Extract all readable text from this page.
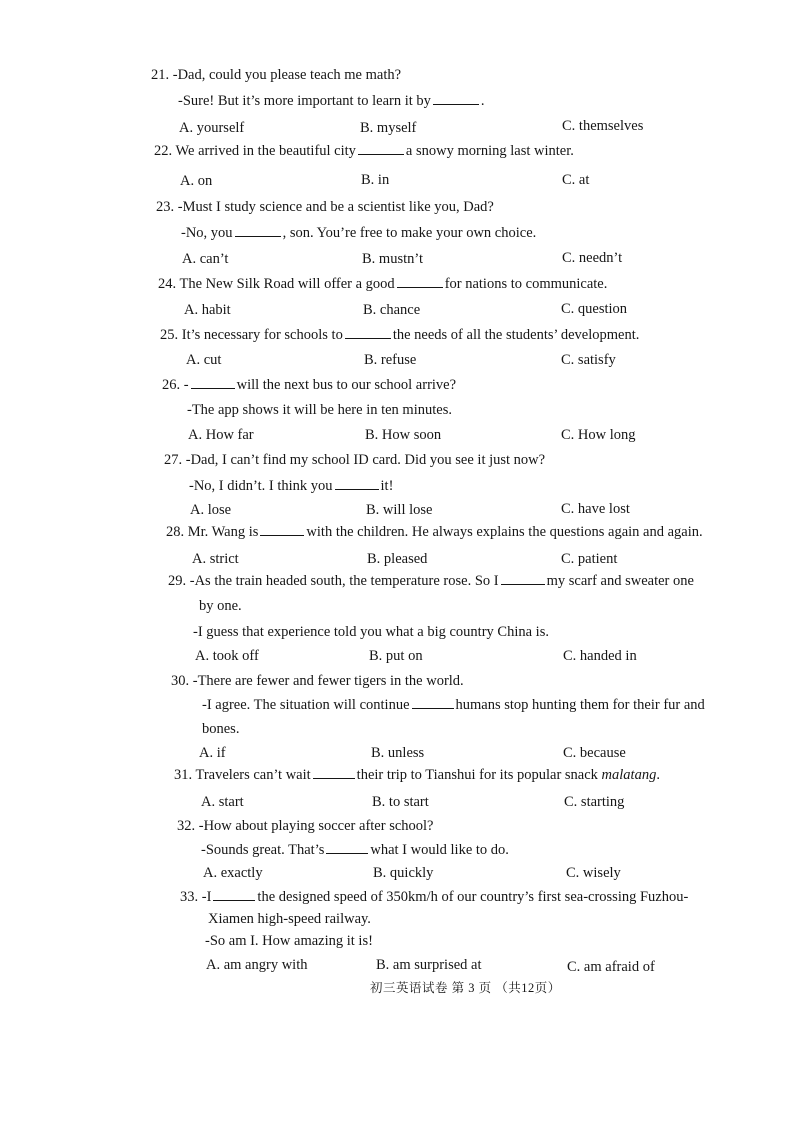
21. -Dad, could you please teach me math?
-Sure! But it’s more important to learn it by	.
A. yourself	B. myself	C. themselves
22. We arrived in the beautiful city	a snowy morning last winter.
A. on	B. in	C. at
23. -Must I study science and be a scientist like you, Dad?
-No, you	, son. You’re free to make your own choice.
A. can’t	B. mustn’t	C. needn’t
24. The New Silk Road will offer a good	for nations to communicate.
A. habit	B. chance	C. question
25. It’s necessary for schools to	the needs of all the students’ development.
A. cut	B. refuse	C. satisfy
26. -	will the next bus to our school arrive?
-The app shows it will be here in ten minutes.
A. How far	B. How soon	C. How long
27. -Dad, I can’t find my school ID card. Did you see it just now?
-No, I didn’t. I think you	it!
A. lose	B. will lose	C. have lost
28. Mr. Wang is	with the children. He always explains the questions again and again.
A. strict	B. pleased	C. patient
29. -As the train headed south, the temperature rose. So I	my scarf and sweater one
by one.
-I guess that experience told you what a big country China is.
A. took off	B. put on	C. handed in
30. -There are fewer and fewer tigers in the world.
-I agree. The situation will continue	humans stop hunting them for their fur and
bones.
A. if	B. unless	C. because
31. Travelers can’t wait	their trip to Tianshui for its popular snack malatang.
A. start	B. to start	C. starting
32. -How about playing soccer after school?
-Sounds great. That’s	what I would like to do.
A. exactly	B. quickly	C. wisely
33. -I	the designed speed of 350km/h of our country’s first sea-crossing Fuzhou-
Xiamen high-speed railway.
-So am I. How amazing it is!
A. am angry with	B. am surprised at	C. am afraid of
初三英语试卷 第 3 页 （共12页）
